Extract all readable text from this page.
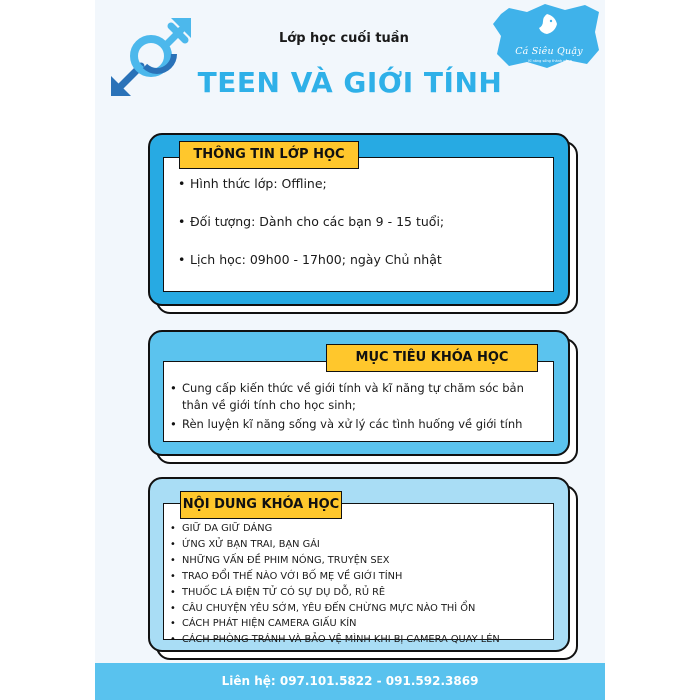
Cá Siêu Quậy
Kĩ năng sống thành công
Lớp học cuối tuần
TEEN VÀ GIỚI TÍNH
THÔNG TIN LỚP HỌC
• Hình thức lớp: Offline;
• Đối tượng: Dành cho các bạn 9 - 15 tuổi;
• Lịch học: 09h00 - 17h00; ngày Chủ nhật
MỤC TIÊU KHÓA HỌC
• Cung cấp kiến thức về giới tính và kĩ năng tự chăm sóc bản thân về giới tính cho học sinh;
• Rèn luyện kĩ năng sống và xử lý các tình huống về giới tính
NỘI DUNG KHÓA HỌC
• GIỮ DA GIỮ DÁNG
• ỨNG XỬ BẠN TRAI, BẠN GÁI
• NHỮNG VẤN ĐỀ PHIM NÓNG, TRUYỆN SEX
• TRAO ĐỔI THẾ NÀO VỚI BỐ MẸ VỀ GIỚI TÍNH
• THUỐC LÁ ĐIỆN TỬ CÓ SỰ DỤ DỖ, RỦ RÊ
• CÂU CHUYỆN YÊU SỚM, YÊU ĐẾN CHỪNG MỰC NÀO THÌ ỔN
• CÁCH PHÁT HIỆN CAMERA GIẤU KÍN
• CÁCH PHÒNG TRÁNH VÀ BẢO VỆ MÌNH KHI BỊ CAMERA QUAY LÉN
Liên hệ: 097.101.5822 - 091.592.3869
